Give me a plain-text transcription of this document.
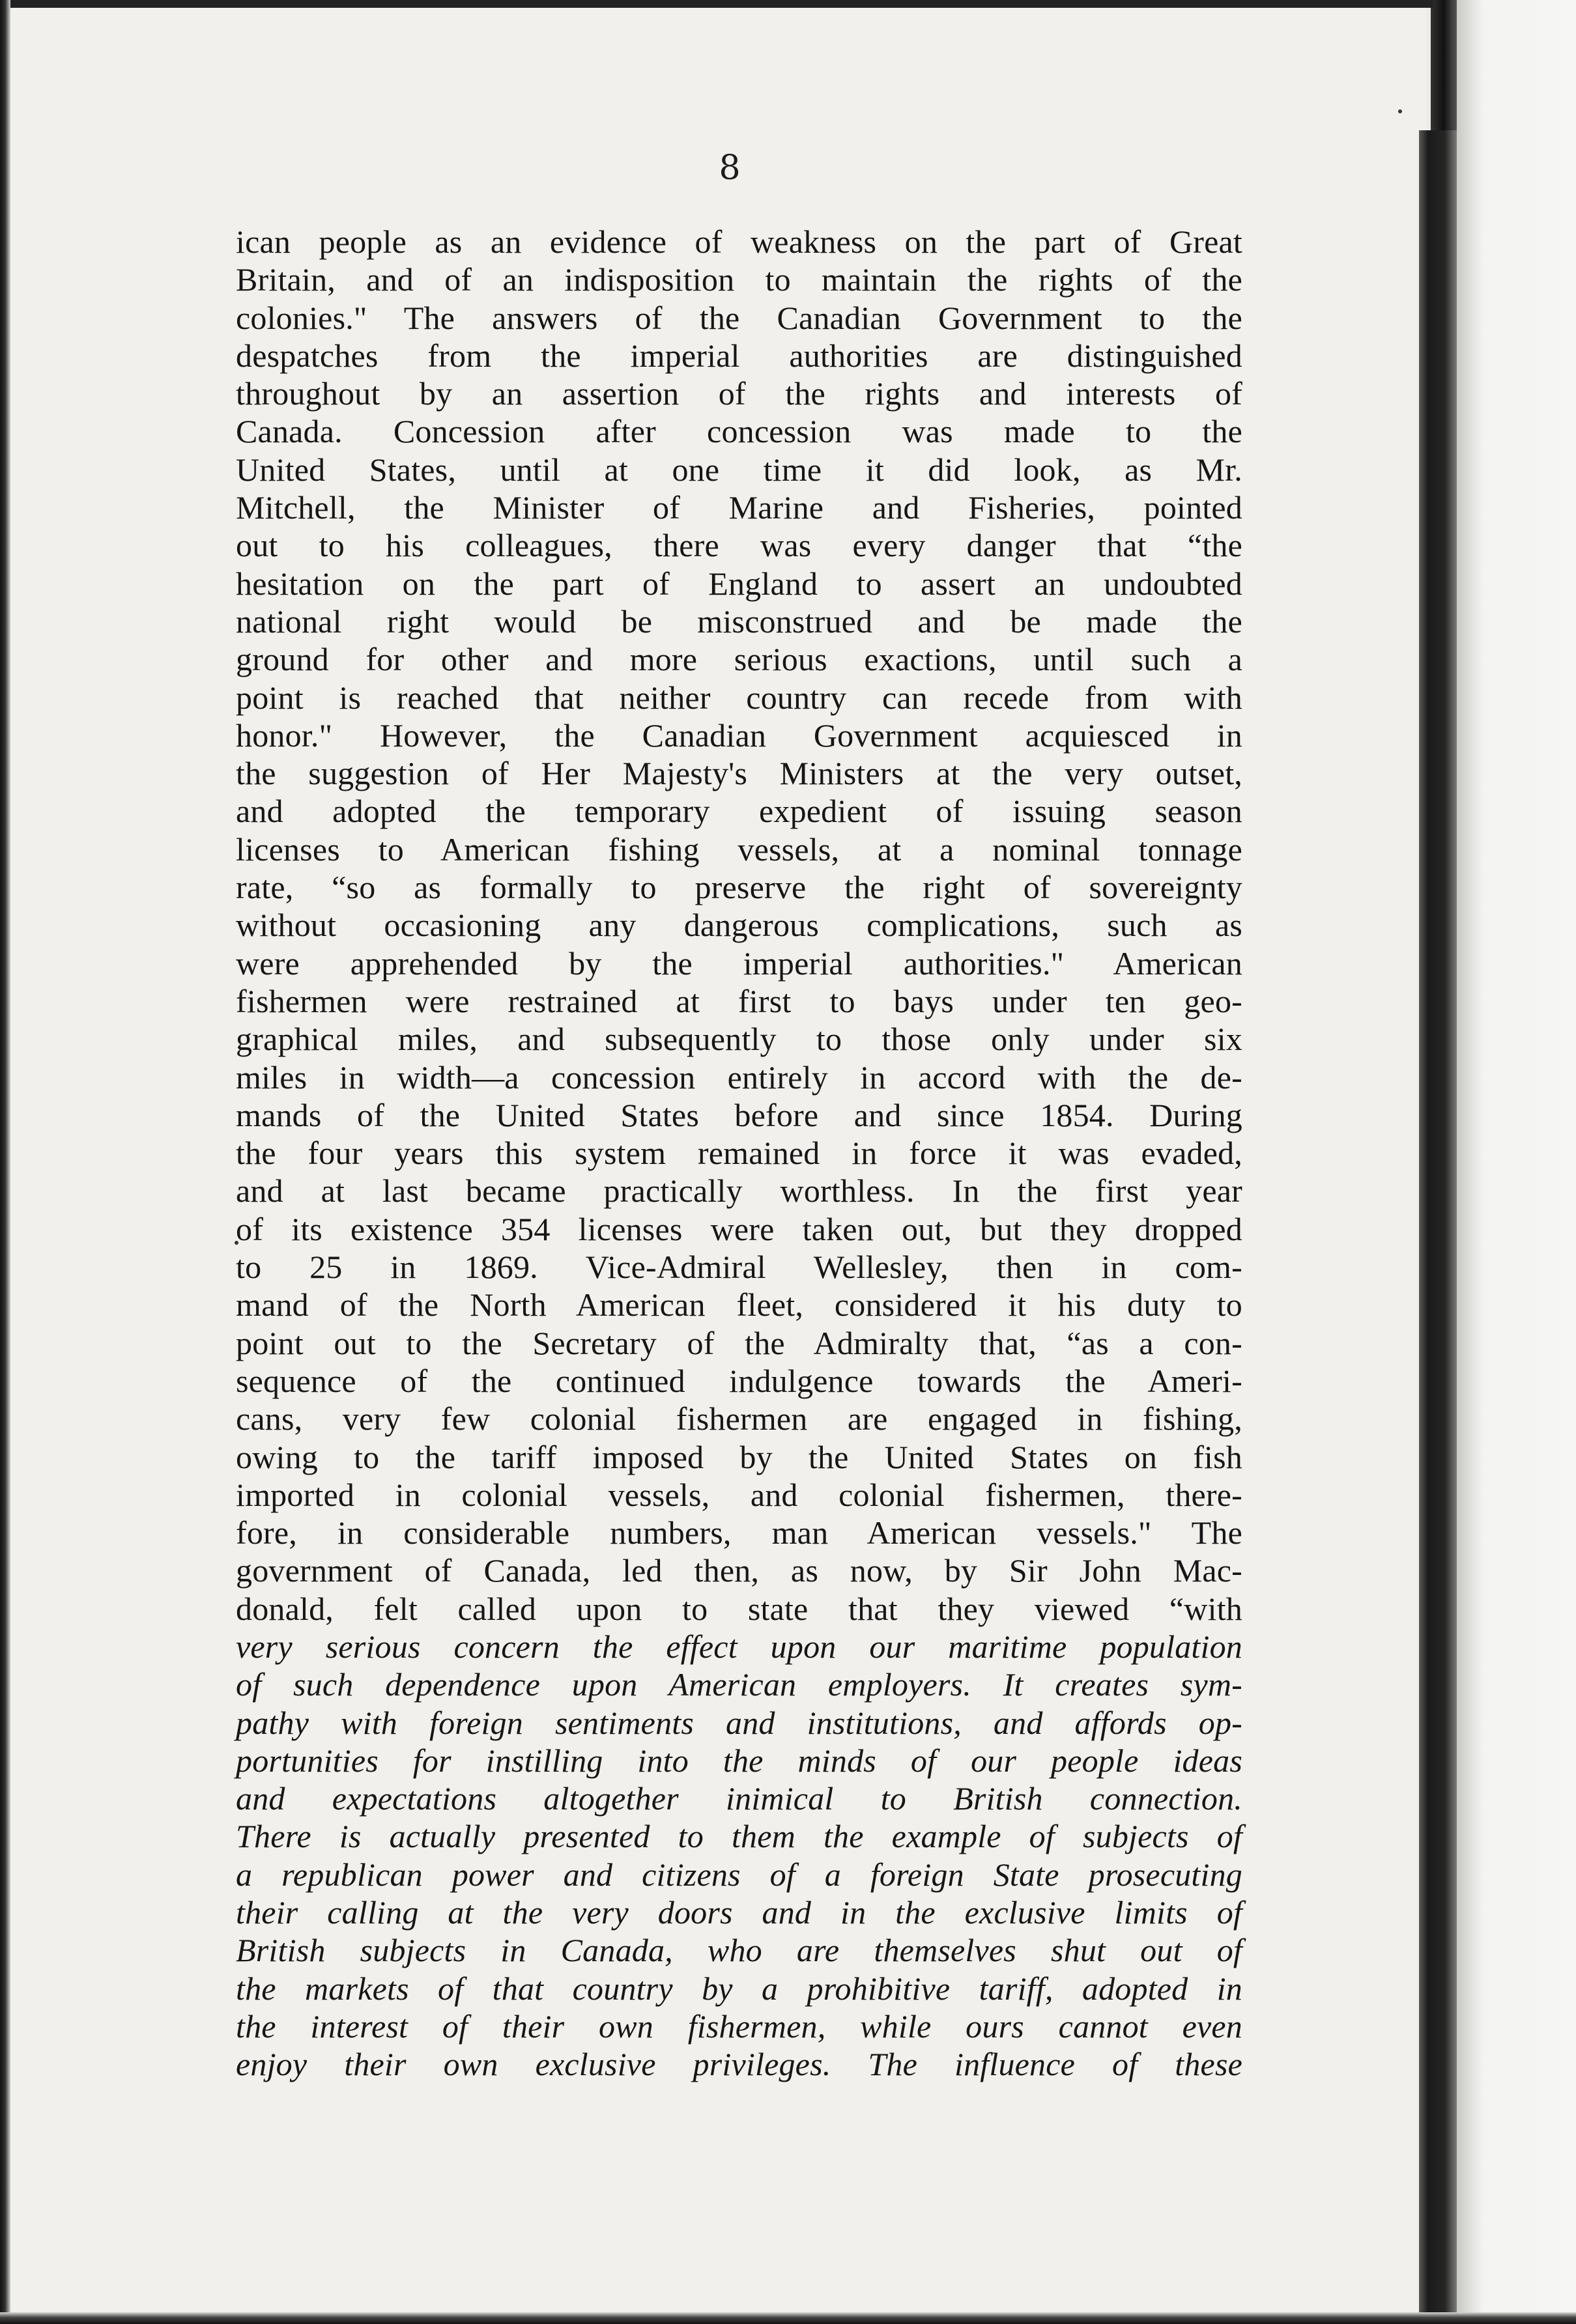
8
ican people as an evidence of weakness on the part of Great
Britain, and of an indisposition to maintain the rights of the
colonies." The answers of the Canadian Government to the
despatches from the imperial authorities are distinguished
throughout by an assertion of the rights and interests of
Canada. Concession after concession was made to the
United States, until at one time it did look, as Mr.
Mitchell, the Minister of Marine and Fisheries, pointed
out to his colleagues, there was every danger that “the
hesitation on the part of England to assert an undoubted
national right would be misconstrued and be made the
ground for other and more serious exactions, until such a
point is reached that neither country can recede from with
honor." However, the Canadian Government acquiesced in
the suggestion of Her Majesty's Ministers at the very outset,
and adopted the temporary expedient of issuing season
licenses to American fishing vessels, at a nominal tonnage
rate, “so as formally to preserve the right of sovereignty
without occasioning any dangerous complications, such as
were apprehended by the imperial authorities." American
fishermen were restrained at first to bays under ten geo-
graphical miles, and subsequently to those only under six
miles in width—a concession entirely in accord with the de-
mands of the United States before and since 1854. During
the four years this system remained in force it was evaded,
and at last became practically worthless. In the first year
of its existence 354 licenses were taken out, but they dropped
to 25 in 1869. Vice-Admiral Wellesley, then in com-
mand of the North American fleet, considered it his duty to
point out to the Secretary of the Admiralty that, “as a con-
sequence of the continued indulgence towards the Ameri-
cans, very few colonial fishermen are engaged in fishing,
owing to the tariff imposed by the United States on fish
imported in colonial vessels, and colonial fishermen, there-
fore, in considerable numbers, man American vessels." The
government of Canada, led then, as now, by Sir John Mac-
donald, felt called upon to state that they viewed “with
very serious concern the effect upon our maritime population
of such dependence upon American employers. It creates sym-
pathy with foreign sentiments and institutions, and affords op-
portunities for instilling into the minds of our people ideas
and expectations altogether inimical to British connection.
There is actually presented to them the example of subjects of
a republican power and citizens of a foreign State prosecuting
their calling at the very doors and in the exclusive limits of
British subjects in Canada, who are themselves shut out of
the markets of that country by a prohibitive tariff, adopted in
the interest of their own fishermen, while ours cannot even
enjoy their own exclusive privileges. The influence of these
